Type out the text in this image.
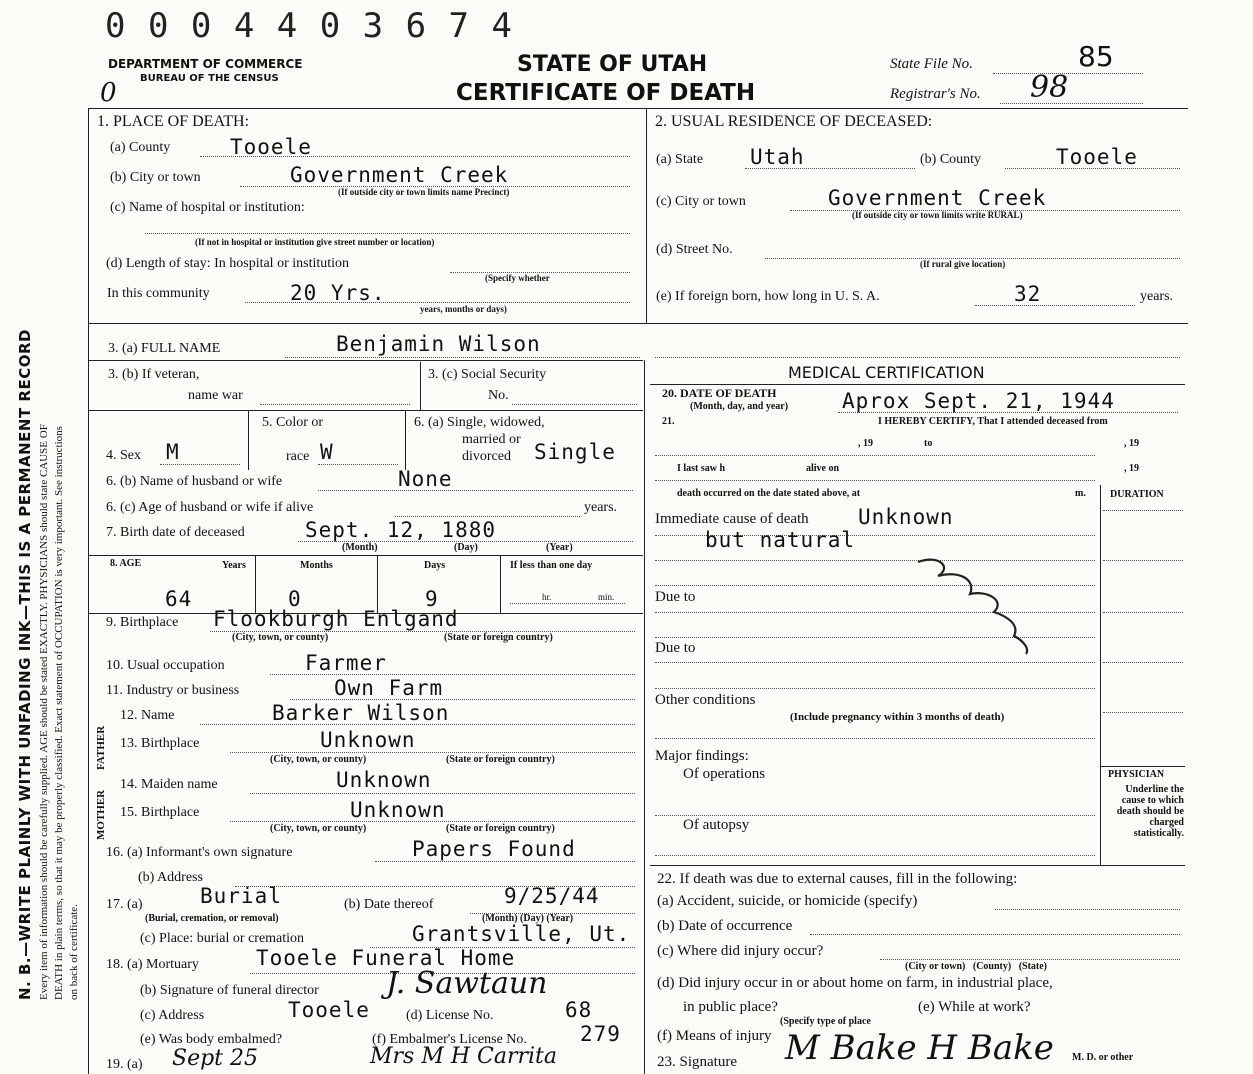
0 0 0 4 4 0 3 6 7 4
DEPARTMENT OF COMMERCE
BUREAU OF THE CENSUS
0
STATE OF UTAH
CERTIFICATE OF DEATH
State File No.	85
Registrar's No. 98
N. B.—WRITE PLAINLY WITH UNFADING INK—THIS IS A PERMANENT RECORD Every item of information should be carefully supplied. AGE should be stated EXACTLY. PHYSICIANS should state CAUSE OF DEATH in plain terms, so that it may be properly classified. Exact statement of OCCUPATION is very important. See instructions on back of certificate.
1. PLACE OF DEATH:
(a) County	Tooele
(b) City or town	Government Creek
(If outside city or town limits name Precinct)
(c) Name of hospital or institution:
(If not in hospital or institution give street number or location)
(d) Length of stay: In hospital or institution
(Specify whether
In this community	20 Yrs.
years, months or days)
2. USUAL RESIDENCE OF DECEASED:
(a) State Utah	(b) County	Tooele
(c) City or town	Government Creek
(If outside city or town limits write RURAL)
(d) Street No.
(If rural give location)
(e) If foreign born, how long in U. S. A.	32	years.
3. (a) FULL NAME	Benjamin Wilson
3. (b) If veteran,
name war
3. (c) Social Security
No.
MEDICAL CERTIFICATION
4. Sex M
5. Color or
race W
6. (a) Single, widowed,
married or
divorced Single
6. (b) Name of husband or wife	None
6. (c) Age of husband or wife if alive	years.
7. Birth date of deceased	Sept. 12, 1880
(Month)	(Day)	(Year)
8. AGE	Years	Months	Days	If less than one day
64	0	9	hr.	min.
9. Birthplace Flookburgh Enlgand
(City, town, or county)	(State or foreign country)
10. Usual occupation	Farmer
11. Industry or business	Own Farm
FATHER
MOTHER
12. Name	Barker Wilson
13. Birthplace	Unknown
(City, town, or county)	(State or foreign country)
14. Maiden name	Unknown
15. Birthplace	Unknown
(City, town, or county)	(State or foreign country)
16. (a) Informant's own signature	Papers Found
(b) Address
17. (a)	Burial
(Burial, cremation, or removal)
(b) Date thereof	9/25/44
(Month) (Day) (Year)
(c) Place: burial or cremation	Grantsville, Ut.
18. (a) Mortuary	Tooele Funeral Home
(b) Signature of funeral director J. Sawtaun
(c) Address	Tooele	(d) License No.	68
(e) Was body embalmed?	(f) Embalmer's License No.	279
19. (a) Sept 25	Mrs M H Carrita
20. DATE OF DEATH
(Month, day, and year)	Aprox Sept. 21, 1944
21.	I HEREBY CERTIFY, That I attended deceased from
, 19	to	, 19
I last saw h	alive on	, 19
death occurred on the date stated above, at	m. DURATION
Immediate cause of death Unknown
but natural
Due to
Due to
Other conditions
(Include pregnancy within 3 months of death)
Major findings:
Of operations
Of autopsy
PHYSICIAN
Underline the cause to which death should be charged statistically.
22. If death was due to external causes, fill in the following:
(a) Accident, suicide, or homicide (specify)
(b) Date of occurrence
(c) Where did injury occur?
(City or town)   (County)   (State)
(d) Did injury occur in or about home on farm, in industrial place,
in public place?
(Specify type of place
(e) While at work?
(f) Means of injury
23. Signature M Bake H Bake M. D. or other
